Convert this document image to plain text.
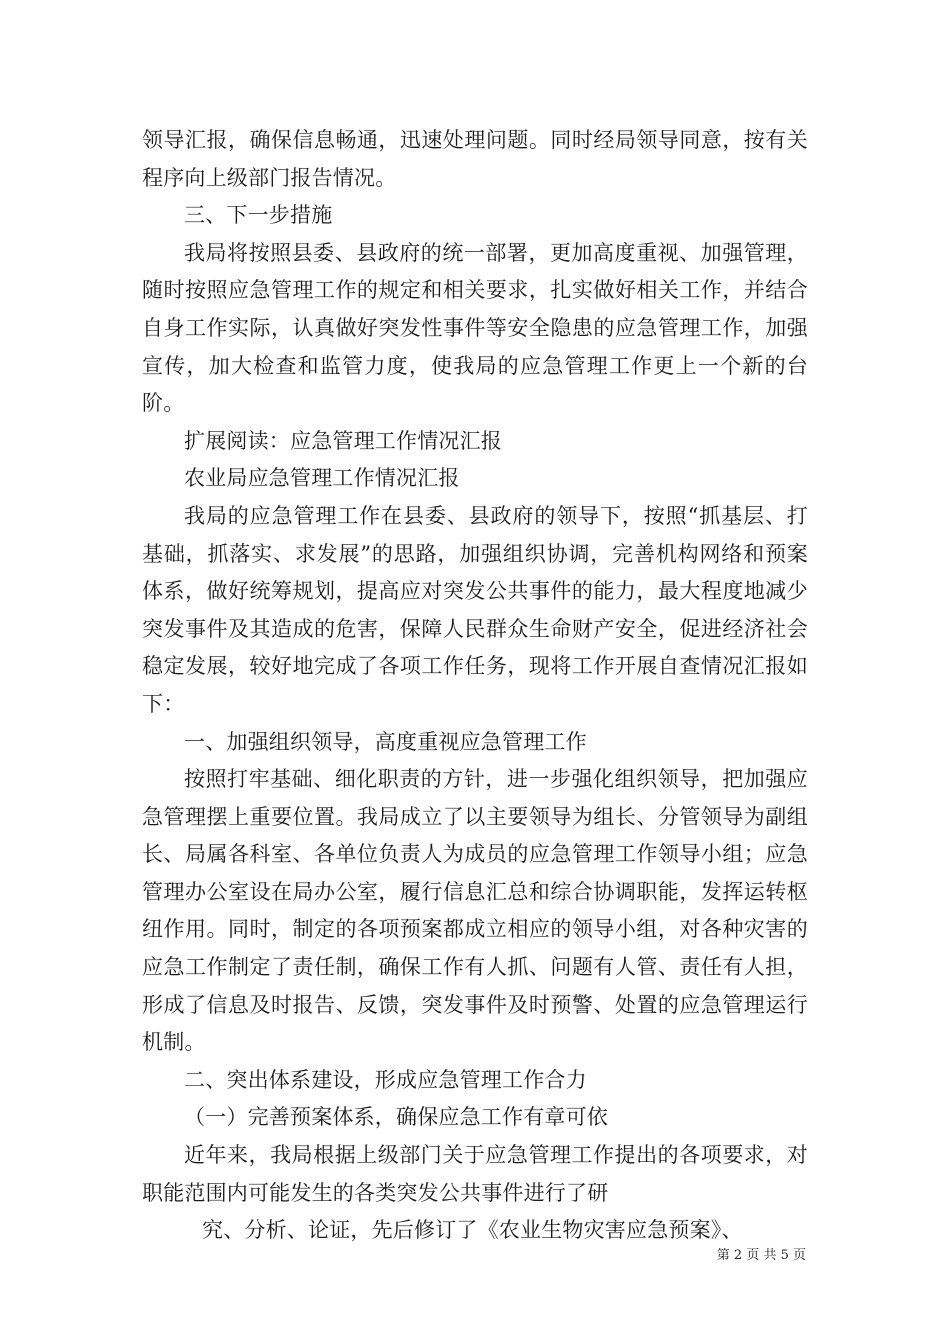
领导汇报，确保信息畅通，迅速处理问题。同时经局领导同意，按有关程序向上级部门报告情况。

三、下一步措施

我局将按照县委、县政府的统一部署，更加高度重视、加强管理，随时按照应急管理工作的规定和相关要求，扎实做好相关工作，并结合自身工作实际，认真做好突发性事件等安全隐患的应急管理工作，加强宣传，加大检查和监管力度，使我局的应急管理工作更上一个新的台阶。

扩展阅读：应急管理工作情况汇报

农业局应急管理工作情况汇报

我局的应急管理工作在县委、县政府的领导下，按照“抓基层、打基础，抓落实、求发展”的思路，加强组织协调，完善机构网络和预案体系，做好统筹规划，提高应对突发公共事件的能力，最大程度地减少突发事件及其造成的危害，保障人民群众生命财产安全，促进经济社会稳定发展，较好地完成了各项工作任务，现将工作开展自查情况汇报如下：

一、加强组织领导，高度重视应急管理工作

按照打牢基础、细化职责的方针，进一步强化组织领导，把加强应急管理摆上重要位置。我局成立了以主要领导为组长、分管领导为副组长、局属各科室、各单位负责人为成员的应急管理工作领导小组；应急管理办公室设在局办公室，履行信息汇总和综合协调职能，发挥运转枢纽作用。同时，制定的各项预案都成立相应的领导小组，对各种灾害的应急工作制定了责任制，确保工作有人抓、问题有人管、责任有人担，形成了信息及时报告、反馈，突发事件及时预警、处置的应急管理运行机制。

二、突出体系建设，形成应急管理工作合力

（一）完善预案体系，确保应急工作有章可依

近年来，我局根据上级部门关于应急管理工作提出的各项要求，对职能范围内可能发生的各类突发公共事件进行了研

究、分析、论证，先后修订了《农业生物灾害应急预案》、

第 2 页 共 5 页
